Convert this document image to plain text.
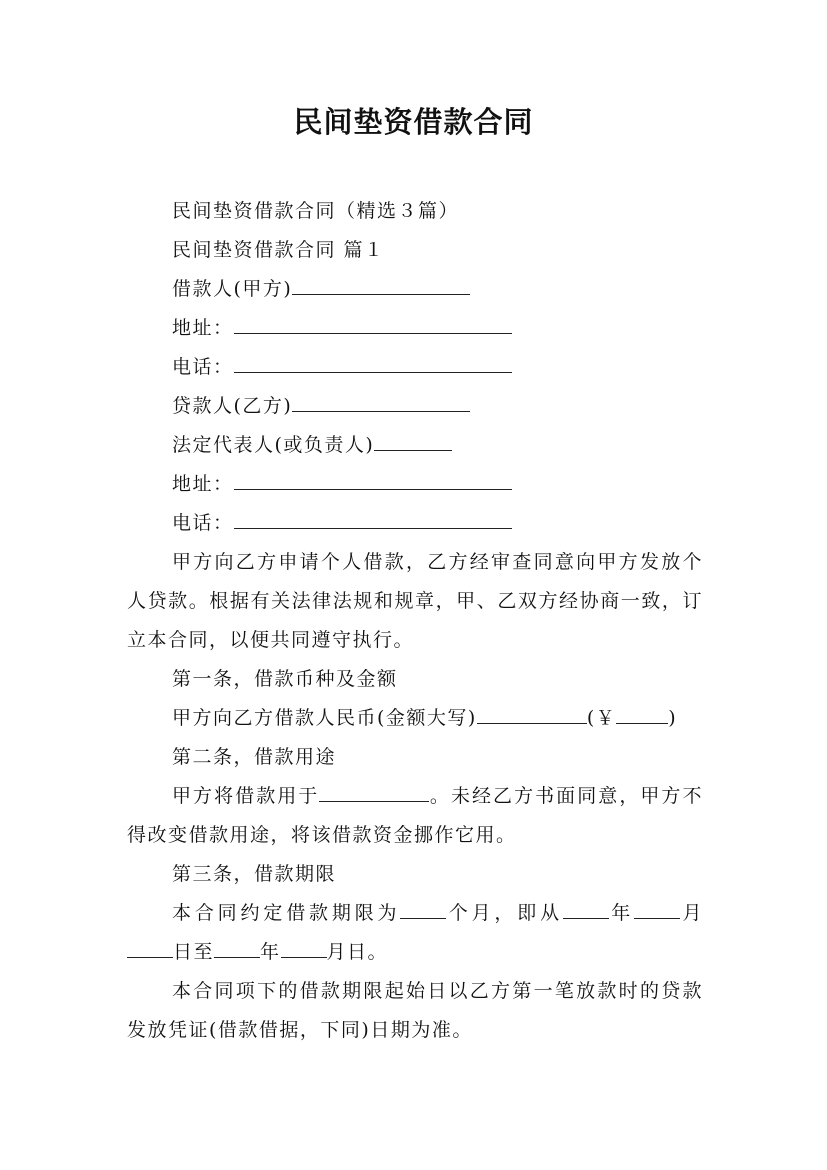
民间垫资借款合同
民间垫资借款合同（精选３篇）
民间垫资借款合同 篇１
借款人(甲方)
地址：
电话：
贷款人(乙方)
法定代表人(或负责人)
地址：
电话：
甲方向乙方申请个人借款，乙方经审查同意向甲方发放个人贷款。根据有关法律法规和规章，甲、乙双方经协商一致，订立本合同，以便共同遵守执行。
第一条，借款币种及金额
甲方向乙方借款人民币(金额大写)	(￥	)
第二条，借款用途
甲方将借款用于	。未经乙方书面同意，甲方不得改变借款用途，将该借款资金挪作它用。
第三条，借款期限
本合同约定借款期限为 个月，即从 年 月日至 年 月日。
本合同项下的借款期限起始日以乙方第一笔放款时的贷款发放凭证(借款借据，下同)日期为准。
